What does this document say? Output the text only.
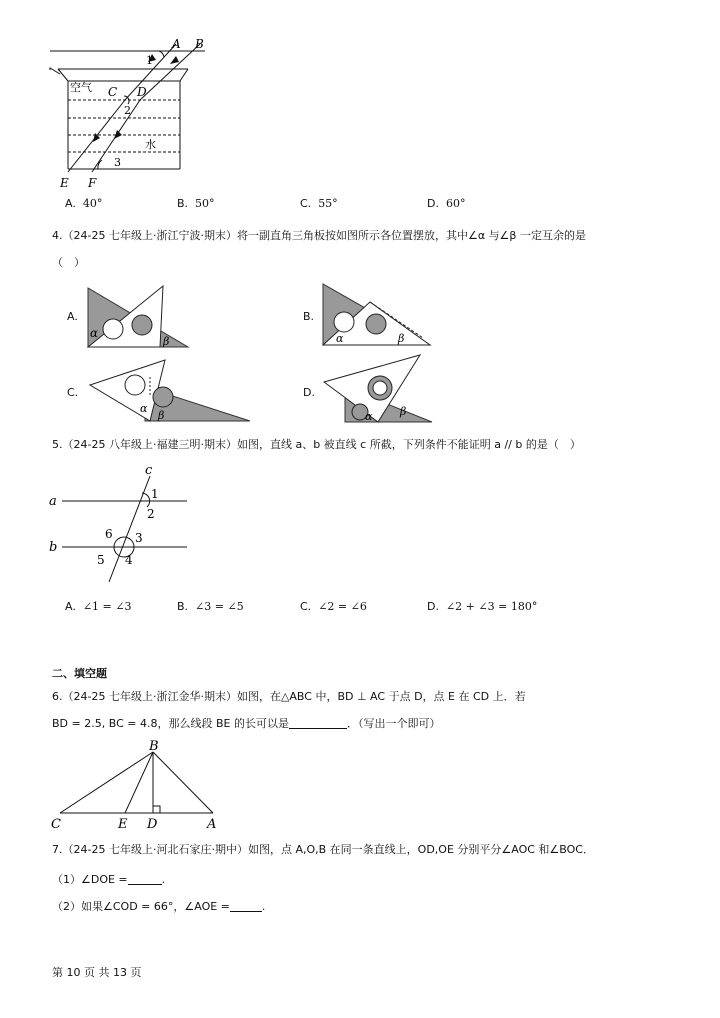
A B
1
C D
2
3
E F
空气
水
A. 40°	B. 50°	C. 55°	D. 60°
4.（24-25 七年级上·浙江宁波·期末）将一副直角三角板按如图所示各位置摆放，其中∠α 与∠β 一定互余的是
（　）
A.
α
β
B.
α	β
C.
α
β
D.
α	β
5.（24-25 八年级上·福建三明·期末）如图，直线 a、b 被直线 c 所截，下列条件不能证明 a // b 的是（　）
a
b
c
1
2
3
4
5
6
A. ∠1 = ∠3	B. ∠3 = ∠5	C. ∠2 = ∠6	D. ∠2 + ∠3 = 180°
二、填空题
6.（24-25 七年级上·浙江金华·期末）如图，在△ABC 中，BD ⊥ AC 于点 D，点 E 在 CD 上．若
BD = 2.5, BC = 4.8，那么线段 BE 的长可以是	．（写出一个即可）
B
C	E D	A
7.（24-25 七年级上·河北石家庄·期中）如图，点 A,O,B 在同一条直线上，OD,OE 分别平分∠AOC 和∠BOC．
（1）∠DOE =	.
（2）如果∠COD = 66°，∠AOE =	.
第 10 页 共 13 页
